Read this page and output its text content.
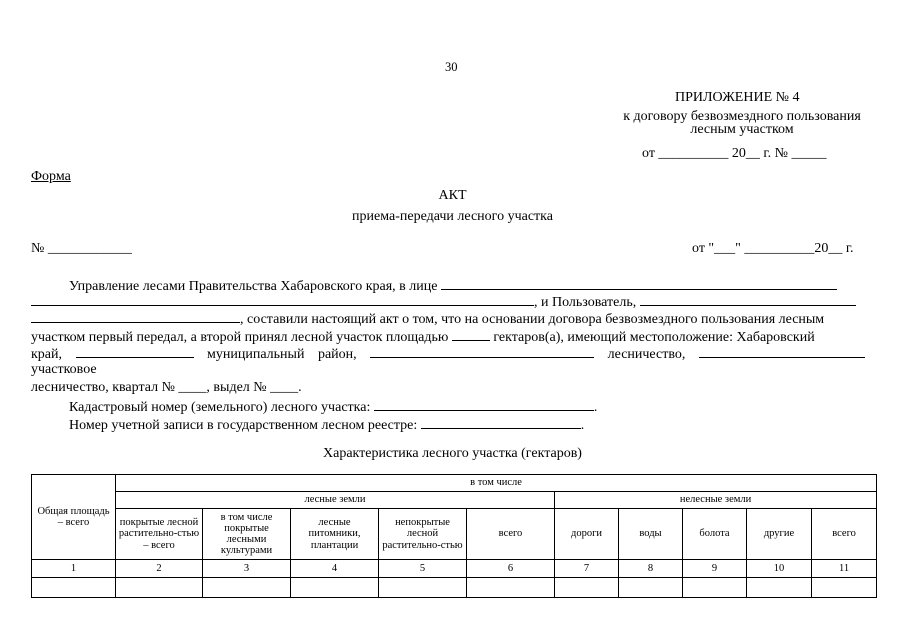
30
ПРИЛОЖЕНИЕ № 4
к договору безвозмездного пользования
лесным участком
от __________ 20__ г. № _____
Форма
АКТ
приема-передачи лесного участка
№ ____________	от "___" __________20__ г.
Управление лесами Правительства Хабаровского края, в лице
, и Пользователь,
, составили настоящий акт о том, что на основании договора безвозмездного пользования лесным
участком первый передал, а второй принял лесной участок площадью	гектаров(а), имеющий местоположение: Хабаровский
край,	муниципальный район,	лесничество,
участковое
лесничество, квартал № ____, выдел № ____.
Кадастровый номер (земельного) лесного участка:	.
Номер учетной записи в государственном лесном реестре:	.
Характеристика лесного участка (гектаров)
Общая площадь – всего	в том числе									
	лесные земли					нелесные земли				
	покрытые лесной растительно-стью – всего	в том числе покрытые лесными культурами	лесные питомники, плантации	непокрытые лесной растительно-стью	всего	дороги	воды	болота	другие	всего
1	2	3	4	5	6	7	8	9	10	11
